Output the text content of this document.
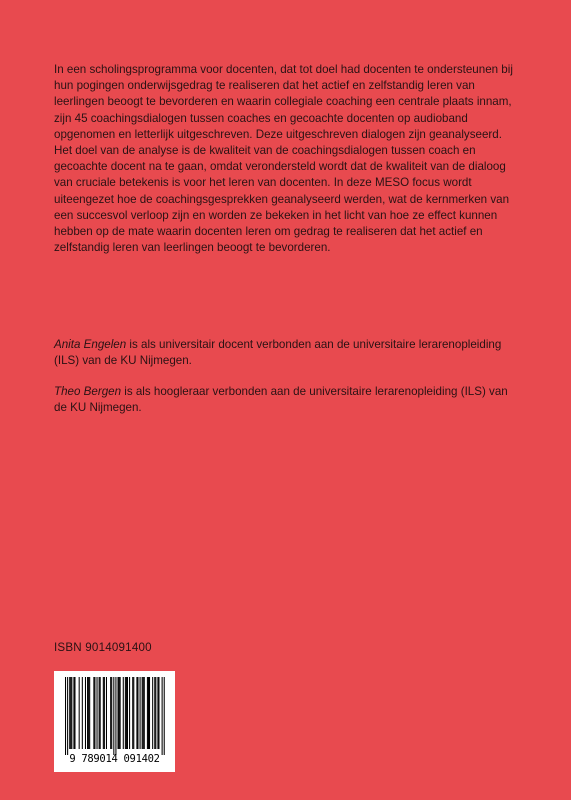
In een scholingsprogramma voor docenten, dat tot doel had docenten te ondersteunen bij hun pogingen onderwijsgedrag te realiseren dat het actief en zelfstandig leren van leerlingen beoogt te bevorderen en waarin collegiale coaching een centrale plaats innam, zijn 45 coachingsdialogen tussen coaches en gecoachte docenten op audioband opgenomen en letterlijk uitgeschreven. Deze uitgeschreven dialogen zijn geanalyseerd. Het doel van de analyse is de kwaliteit van de coachingsdialogen tussen coach en gecoachte docent na te gaan, omdat verondersteld wordt dat de kwaliteit van de dialoog van cruciale betekenis is voor het leren van docenten. In deze MESO focus wordt uiteengezet hoe de coachingsgesprekken geanalyseerd werden, wat de kernmerken van een succesvol verloop zijn en worden ze bekeken in het licht van hoe ze effect kunnen hebben op de mate waarin docenten leren om gedrag te realiseren dat het actief en zelfstandig leren van leerlingen beoogt te bevorderen.

Anita Engelen is als universitair docent verbonden aan de universitaire lerarenopleiding (ILS) van de KU Nijmegen.

Theo Bergen is als hoogleraar verbonden aan de universitaire lerarenopleiding (ILS) van de KU Nijmegen.

ISBN 9014091400
9 789014 091402
